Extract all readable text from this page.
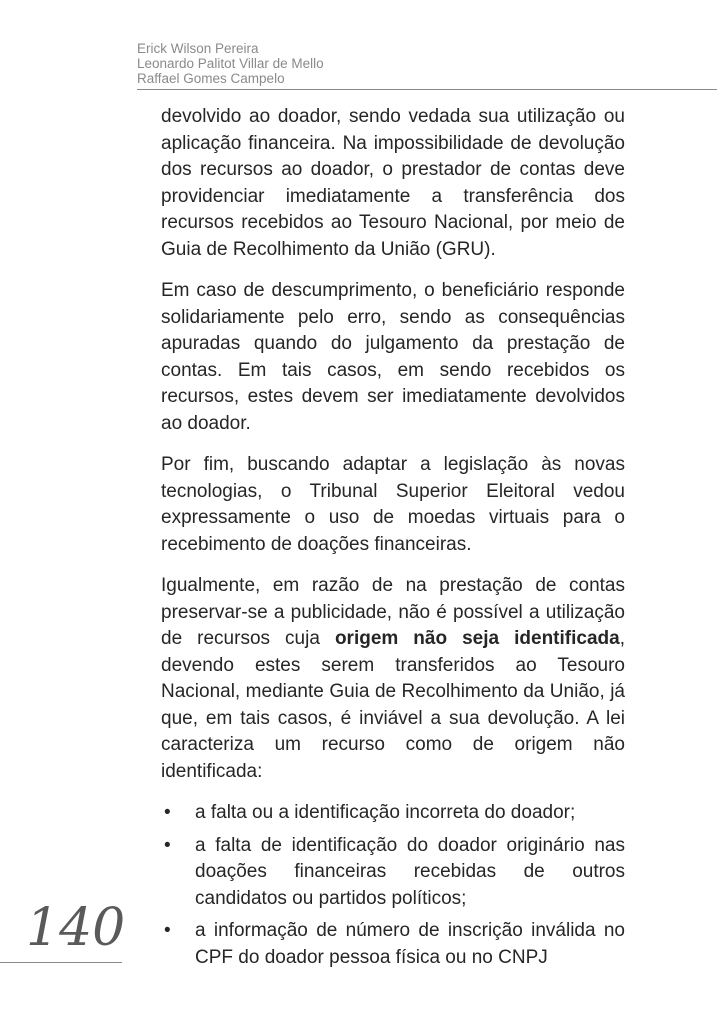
Erick Wilson Pereira
Leonardo Palitot Villar de Mello
Raffael Gomes Campelo

devolvido ao doador, sendo vedada sua utilização ou aplicação financeira. Na impossibilidade de devolução dos recursos ao doador, o prestador de contas deve providenciar imediatamente a transferência dos recursos recebidos ao Tesouro Nacional, por meio de Guia de Recolhimento da União (GRU).

Em caso de descumprimento, o beneficiário responde solidariamente pelo erro, sendo as consequências apuradas quando do julgamento da prestação de contas. Em tais casos, em sendo recebidos os recursos, estes devem ser imediatamente devolvidos ao doador.

Por fim, buscando adaptar a legislação às novas tecnologias, o Tribunal Superior Eleitoral vedou expressamente o uso de moedas virtuais para o recebimento de doações financeiras.

Igualmente, em razão de na prestação de contas preservar-se a publicidade, não é possível a utilização de recursos cuja origem não seja identificada, devendo estes serem transferidos ao Tesouro Nacional, mediante Guia de Recolhimento da União, já que, em tais casos, é inviável a sua devolução. A lei caracteriza um recurso como de origem não identificada:

• a falta ou a identificação incorreta do doador;
• a falta de identificação do doador originário nas doações financeiras recebidas de outros candidatos ou partidos políticos;
• a informação de número de inscrição inválida no CPF do doador pessoa física ou no CNPJ
140
